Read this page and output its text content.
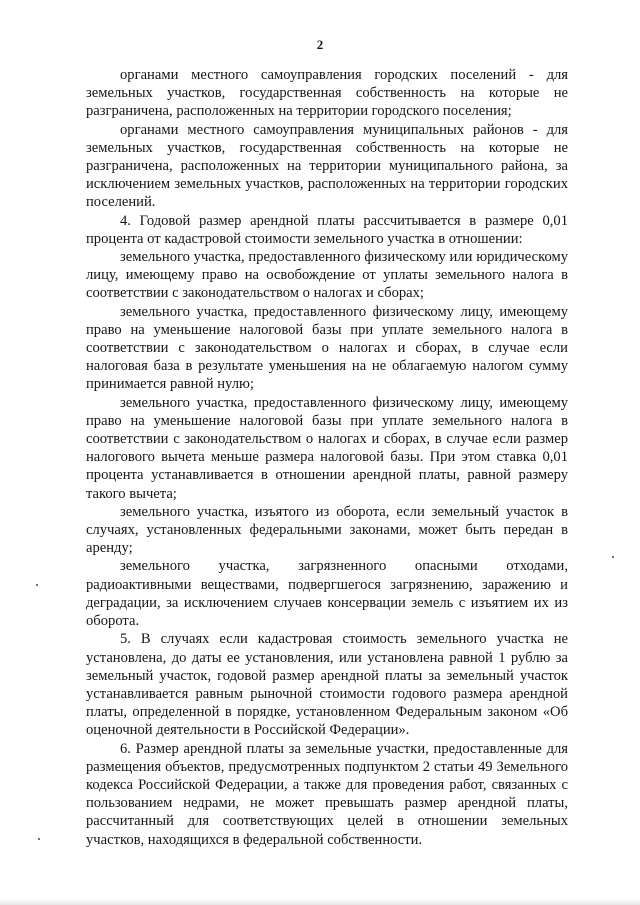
2

органами местного самоуправления городских поселений - для земельных участков, государственная собственность на которые не разграничена, расположенных на территории городского поселения;

органами местного самоуправления муниципальных районов - для земельных участков, государственная собственность на которые не разграничена, расположенных на территории муниципального района, за исключением земельных участков, расположенных на территории городских поселений.

4. Годовой размер арендной платы рассчитывается в размере 0,01 процента от кадастровой стоимости земельного участка в отношении:

земельного участка, предоставленного физическому или юридическому лицу, имеющему право на освобождение от уплаты земельного налога в соответствии с законодательством о налогах и сборах;

земельного участка, предоставленного физическому лицу, имеющему право на уменьшение налоговой базы при уплате земельного налога в соответствии с законодательством о налогах и сборах, в случае если налоговая база в результате уменьшения на не облагаемую налогом сумму принимается равной нулю;

земельного участка, предоставленного физическому лицу, имеющему право на уменьшение налоговой базы при уплате земельного налога в соответствии с законодательством о налогах и сборах, в случае если размер налогового вычета меньше размера налоговой базы. При этом ставка 0,01 процента устанавливается в отношении арендной платы, равной размеру такого вычета;

земельного участка, изъятого из оборота, если земельный участок в случаях, установленных федеральными законами, может быть передан в аренду;

земельного участка, загрязненного опасными отходами, радиоактивными веществами, подвергшегося загрязнению, заражению и деградации, за исключением случаев консервации земель с изъятием их из оборота.

5. В случаях если кадастровая стоимость земельного участка не установлена, до даты ее установления, или установлена равной 1 рублю за земельный участок, годовой размер арендной платы за земельный участок устанавливается равным рыночной стоимости годового размера арендной платы, определенной в порядке, установленном Федеральным законом «Об оценочной деятельности в Российской Федерации».

6. Размер арендной платы за земельные участки, предоставленные для размещения объектов, предусмотренных подпунктом 2 статьи 49 Земельного кодекса Российской Федерации, а также для проведения работ, связанных с пользованием недрами, не может превышать размер арендной платы, рассчитанный для соответствующих целей в отношении земельных участков, находящихся в федеральной собственности.
